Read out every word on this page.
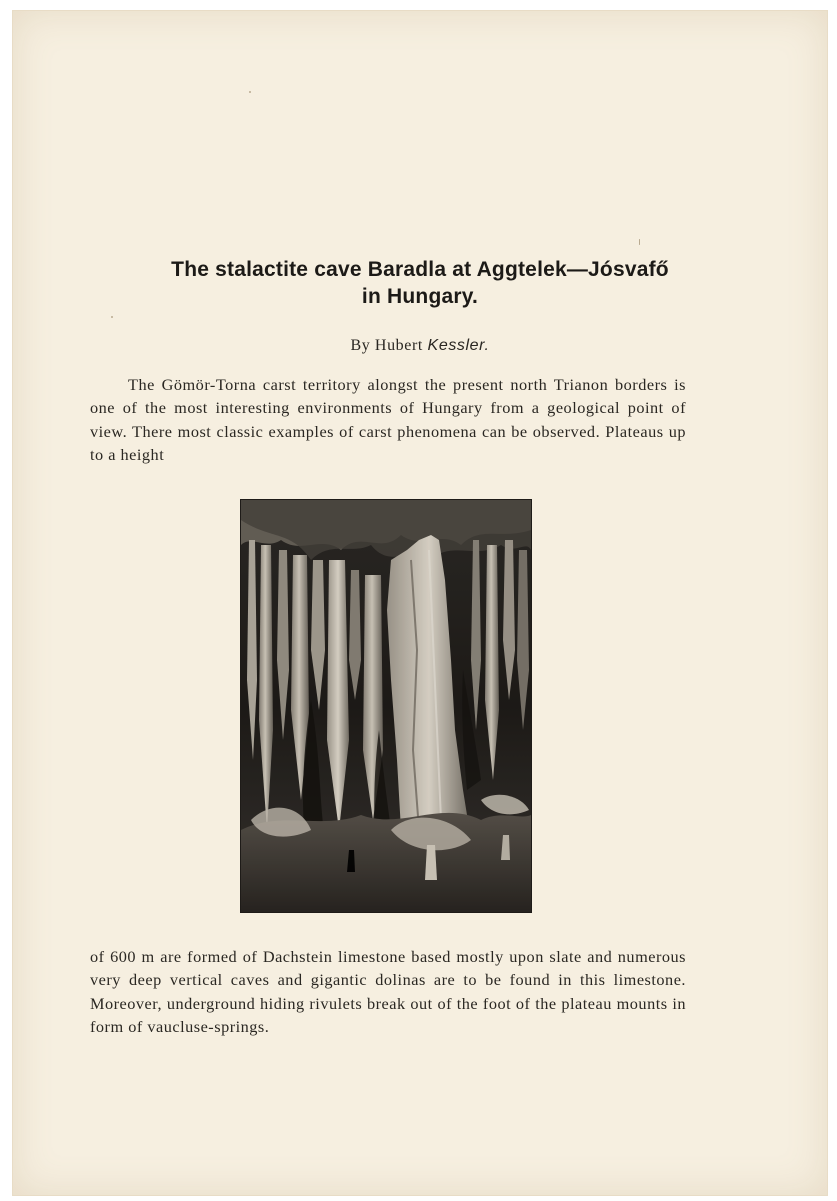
The stalactite cave Baradla at Aggtelek—Jósvafő
in Hungary.
By Hubert Kessler.

The Gömör-Torna carst territory alongst the present north Trianon borders is one of the most interesting environments of Hungary from a geological point of view. There most classic examples of carst phenomena can be observed. Plateaus up to a height

of 600 m are formed of Dachstein limestone based mostly upon slate and numerous very deep vertical caves and gigantic dolinas are to be found in this limestone. Moreover, underground hiding rivulets break out of the foot of the plateau mounts in form of vaucluse-springs.
